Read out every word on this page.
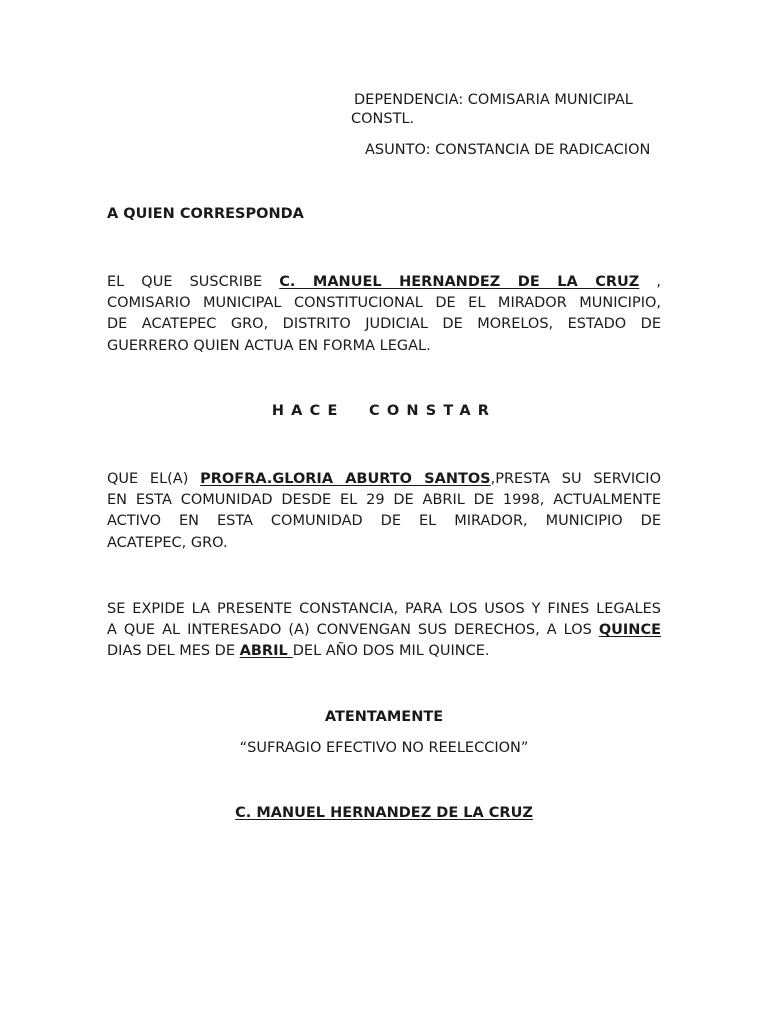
DEPENDENCIA: COMISARIA MUNICIPAL
CONSTL.
ASUNTO: CONSTANCIA DE RADICACION
A QUIEN CORRESPONDA
EL QUE SUSCRIBE C. MANUEL HERNANDEZ DE LA CRUZ ,
COMISARIO MUNICIPAL CONSTITUCIONAL DE EL MIRADOR MUNICIPIO,
DE ACATEPEC GRO, DISTRITO JUDICIAL DE MORELOS, ESTADO DE
GUERRERO QUIEN ACTUA EN FORMA LEGAL.
HACE  CONSTAR
QUE EL(A) PROFRA.GLORIA ABURTO SANTOS,PRESTA SU SERVICIO
EN ESTA COMUNIDAD DESDE EL 29 DE ABRIL DE 1998, ACTUALMENTE
ACTIVO EN ESTA COMUNIDAD DE EL MIRADOR, MUNICIPIO DE
ACATEPEC, GRO.
SE EXPIDE LA PRESENTE CONSTANCIA, PARA LOS USOS Y FINES LEGALES
A QUE AL INTERESADO (A) CONVENGAN SUS DERECHOS, A LOS QUINCE
DIAS DEL MES DE ABRIL DEL AÑO DOS MIL QUINCE.
ATENTAMENTE
“SUFRAGIO EFECTIVO NO REELECCION”
C. MANUEL HERNANDEZ DE LA CRUZ
